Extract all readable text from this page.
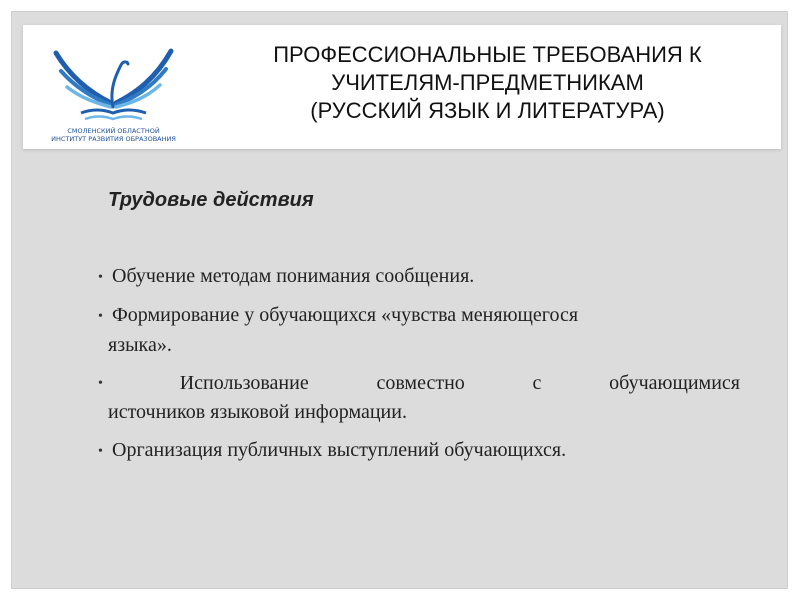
СМОЛЕНСКИЙ ОБЛАСТНОЙ
ИНСТИТУТ РАЗВИТИЯ ОБРАЗОВАНИЯ
ПРОФЕССИОНАЛЬНЫЕ ТРЕБОВАНИЯ К
УЧИТЕЛЯМ-ПРЕДМЕТНИКАМ
(РУССКИЙ ЯЗЫК И ЛИТЕРАТУРА)
Трудовые действия
• Обучение методам понимания сообщения.
• Формирование у обучающихся «чувства меняющегося
языка».
•	Использование	совместно	с	обучающимися
источников языковой информации.
• Организация публичных выступлений обучающихся.
